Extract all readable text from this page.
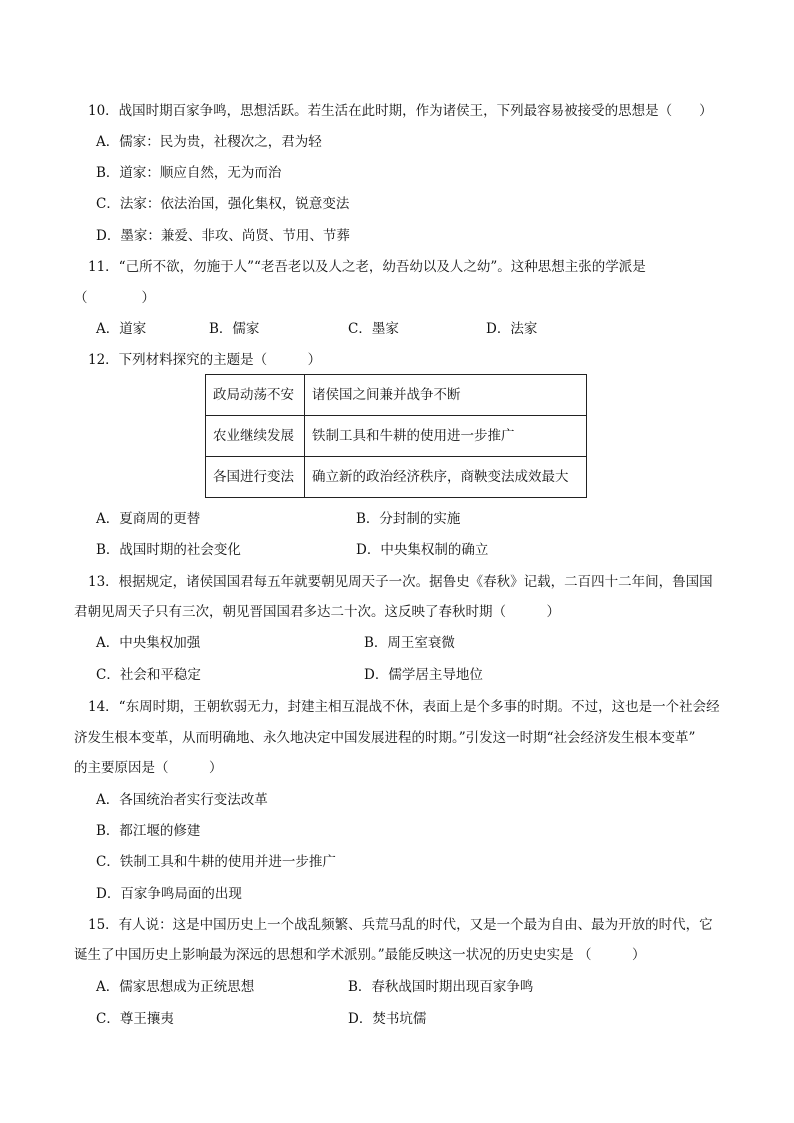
10．战国时期百家争鸣，思想活跃。若生活在此时期，作为诸侯王，下列最容易被接受的思想是（　　）
A．儒家：民为贵，社稷次之，君为轻
B．道家：顺应自然，无为而治
C．法家：依法治国，强化集权，锐意变法
D．墨家：兼爱、非攻、尚贤、节用、节葬
11．“己所不欲，勿施于人”“老吾老以及人之老，幼吾幼以及人之幼”。这种思想主张的学派是
（　　　　）
A．道家	B．儒家	C．墨家	D．法家
12．下列材料探究的主题是（　　　）
政局动荡不安	诸侯国之间兼并战争不断
农业继续发展	铁制工具和牛耕的使用进一步推广
各国进行变法	确立新的政治经济秩序，商鞅变法成效最大
A．夏商周的更替	B．分封制的实施
B．战国时期的社会变化	D．中央集权制的确立
13．根据规定，诸侯国国君每五年就要朝见周天子一次。据鲁史《春秋》记载，二百四十二年间，鲁国国
君朝见周天子只有三次，朝见晋国国君多达二十次。这反映了春秋时期（　　　）
A．中央集权加强	B．周王室衰微
C．社会和平稳定	D．儒学居主导地位
14．“东周时期，王朝软弱无力，封建主相互混战不休，表面上是个多事的时期。不过，这也是一个社会经
济发生根本变革，从而明确地、永久地决定中国发展进程的时期。”引发这一时期“社会经济发生根本变革”
的主要原因是（　　　）
A．各国统治者实行变法改革
B．都江堰的修建
C．铁制工具和牛耕的使用并进一步推广
D．百家争鸣局面的出现
15．有人说：这是中国历史上一个战乱频繁、兵荒马乱的时代，又是一个最为自由、最为开放的时代，它
诞生了中国历史上影响最为深远的思想和学术派别。”最能反映这一状况的历史史实是 （　　　）
A．儒家思想成为正统思想	B．春秋战国时期出现百家争鸣
C．尊王攘夷	D．焚书坑儒
